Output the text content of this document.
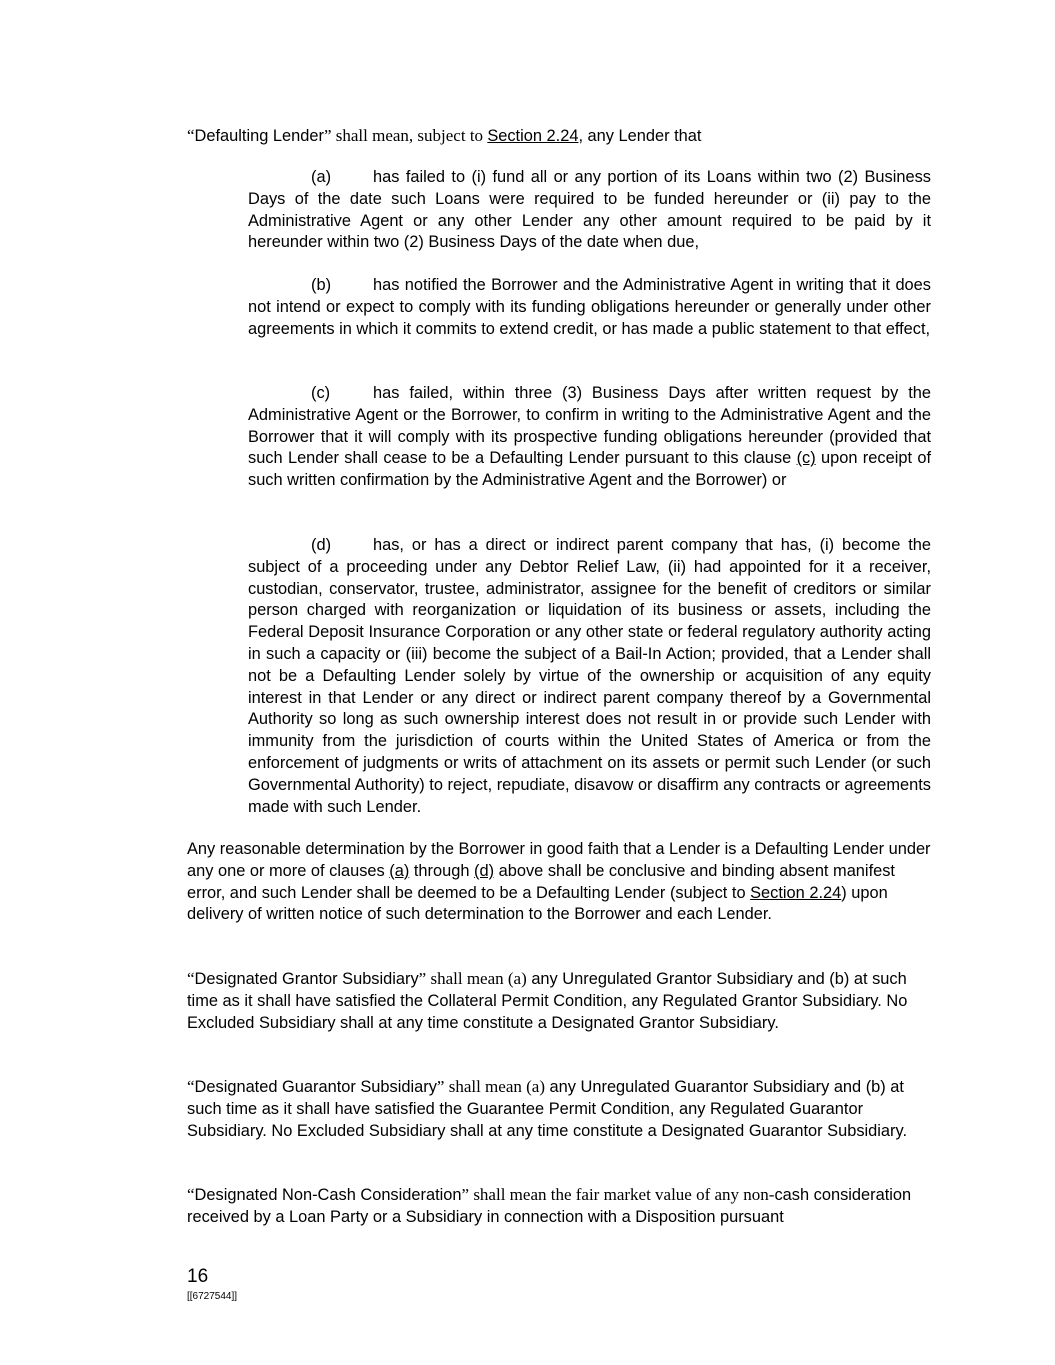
“Defaulting Lender” shall mean, subject to Section 2.24, any Lender that
(a)	has failed to (i) fund all or any portion of its Loans within two (2) Business Days of the date such Loans were required to be funded hereunder or (ii) pay to the Administrative Agent or any other Lender any other amount required to be paid by it hereunder within two (2) Business Days of the date when due,
(b)	has notified the Borrower and the Administrative Agent in writing that it does not intend or expect to comply with its funding obligations hereunder or generally under other agreements in which it commits to extend credit, or has made a public statement to that effect,
(c)	has failed, within three (3) Business Days after written request by the Administrative Agent or the Borrower, to confirm in writing to the Administrative Agent and the Borrower that it will comply with its prospective funding obligations hereunder (provided that such Lender shall cease to be a Defaulting Lender pursuant to this clause (c) upon receipt of such written confirmation by the Administrative Agent and the Borrower) or
(d)	has, or has a direct or indirect parent company that has, (i) become the subject of a proceeding under any Debtor Relief Law, (ii) had appointed for it a receiver, custodian, conservator, trustee, administrator, assignee for the benefit of creditors or similar person charged with reorganization or liquidation of its business or assets, including the Federal Deposit Insurance Corporation or any other state or federal regulatory authority acting in such a capacity or (iii) become the subject of a Bail-In Action; provided, that a Lender shall not be a Defaulting Lender solely by virtue of the ownership or acquisition of any equity interest in that Lender or any direct or indirect parent company thereof by a Governmental Authority so long as such ownership interest does not result in or provide such Lender with immunity from the jurisdiction of courts within the United States of America or from the enforcement of judgments or writs of attachment on its assets or permit such Lender (or such Governmental Authority) to reject, repudiate, disavow or disaffirm any contracts or agreements made with such Lender.
Any reasonable determination by the Borrower in good faith that a Lender is a Defaulting Lender under any one or more of clauses (a) through (d) above shall be conclusive and binding absent manifest error, and such Lender shall be deemed to be a Defaulting Lender (subject to Section 2.24) upon delivery of written notice of such determination to the Borrower and each Lender.
“Designated Grantor Subsidiary” shall mean (a) any Unregulated Grantor Subsidiary and (b) at such time as it shall have satisfied the Collateral Permit Condition, any Regulated Grantor Subsidiary. No Excluded Subsidiary shall at any time constitute a Designated Grantor Subsidiary.
“Designated Guarantor Subsidiary” shall mean (a) any Unregulated Guarantor Subsidiary and (b) at such time as it shall have satisfied the Guarantee Permit Condition, any Regulated Guarantor Subsidiary. No Excluded Subsidiary shall at any time constitute a Designated Guarantor Subsidiary.
“Designated Non-Cash Consideration” shall mean the fair market value of any non-cash consideration received by a Loan Party or a Subsidiary in connection with a Disposition pursuant
16
[[6727544]]
